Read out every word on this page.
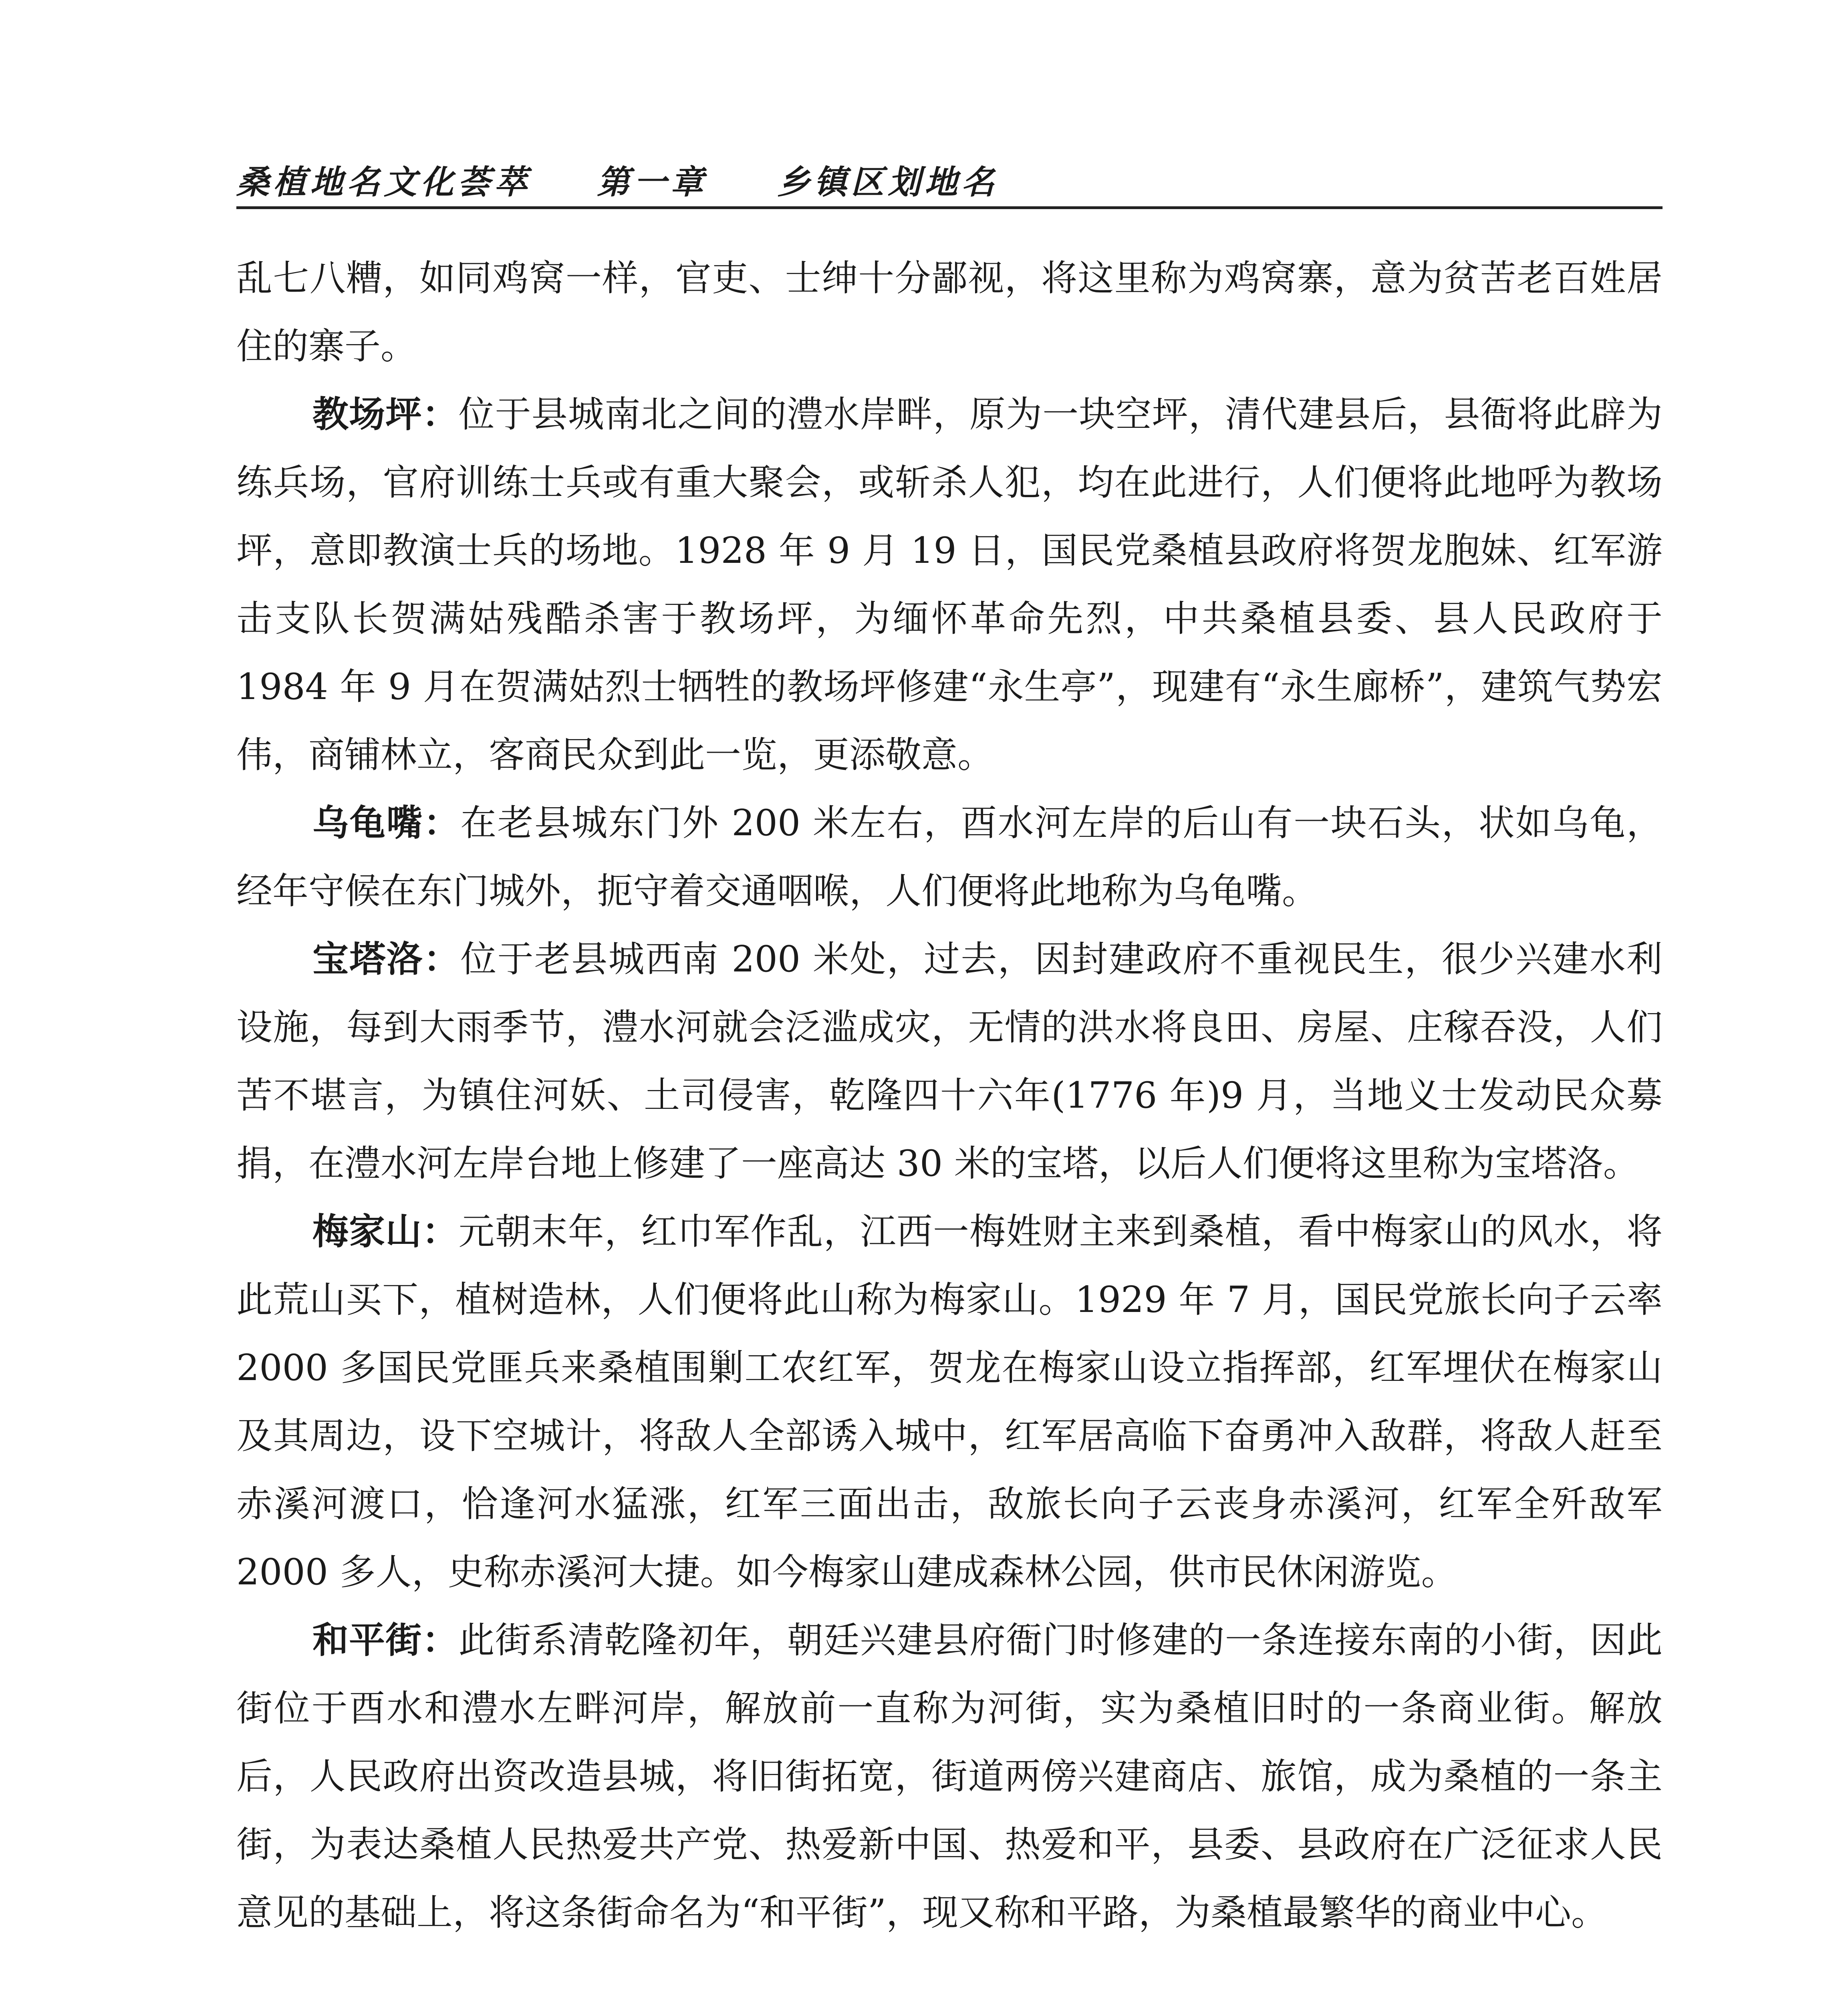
桑植地名文化荟萃 第一章 乡镇区划地名

乱七八糟，如同鸡窝一样，官吏、士绅十分鄙视，将这里称为鸡窝寨，意为贫苦老百姓居住的寨子。

教场坪：位于县城南北之间的澧水岸畔，原为一块空坪，清代建县后，县衙将此辟为练兵场，官府训练士兵或有重大聚会，或斩杀人犯，均在此进行，人们便将此地呼为教场坪，意即教演士兵的场地。1928 年 9 月 19 日，国民党桑植县政府将贺龙胞妹、红军游击支队长贺满姑残酷杀害于教场坪，为缅怀革命先烈，中共桑植县委、县人民政府于 1984 年 9 月在贺满姑烈士牺牲的教场坪修建“永生亭”，现建有“永生廊桥”，建筑气势宏伟，商铺林立，客商民众到此一览，更添敬意。

乌龟嘴：在老县城东门外 200 米左右，酉水河左岸的后山有一块石头，状如乌龟，经年守候在东门城外，扼守着交通咽喉，人们便将此地称为乌龟嘴。

宝塔洛：位于老县城西南 200 米处，过去，因封建政府不重视民生，很少兴建水利设施，每到大雨季节，澧水河就会泛滥成灾，无情的洪水将良田、房屋、庄稼吞没，人们苦不堪言，为镇住河妖、土司侵害，乾隆四十六年(1776 年)9 月，当地义士发动民众募捐，在澧水河左岸台地上修建了一座高达 30 米的宝塔，以后人们便将这里称为宝塔洛。

梅家山：元朝末年，红巾军作乱，江西一梅姓财主来到桑植，看中梅家山的风水，将此荒山买下，植树造林，人们便将此山称为梅家山。1929 年 7 月，国民党旅长向子云率 2000 多国民党匪兵来桑植围剿工农红军，贺龙在梅家山设立指挥部，红军埋伏在梅家山及其周边，设下空城计，将敌人全部诱入城中，红军居高临下奋勇冲入敌群，将敌人赶至赤溪河渡口，恰逢河水猛涨，红军三面出击，敌旅长向子云丧身赤溪河，红军全歼敌军 2000 多人，史称赤溪河大捷。如今梅家山建成森林公园，供市民休闲游览。

和平街：此街系清乾隆初年，朝廷兴建县府衙门时修建的一条连接东南的小街，因此街位于酉水和澧水左畔河岸，解放前一直称为河街，实为桑植旧时的一条商业街。解放后，人民政府出资改造县城，将旧街拓宽，街道两傍兴建商店、旅馆，成为桑植的一条主街，为表达桑植人民热爱共产党、热爱新中国、热爱和平，县委、县政府在广泛征求人民意见的基础上，将这条街命名为“和平街”，现又称和平路，为桑植最繁华的商业中心。
